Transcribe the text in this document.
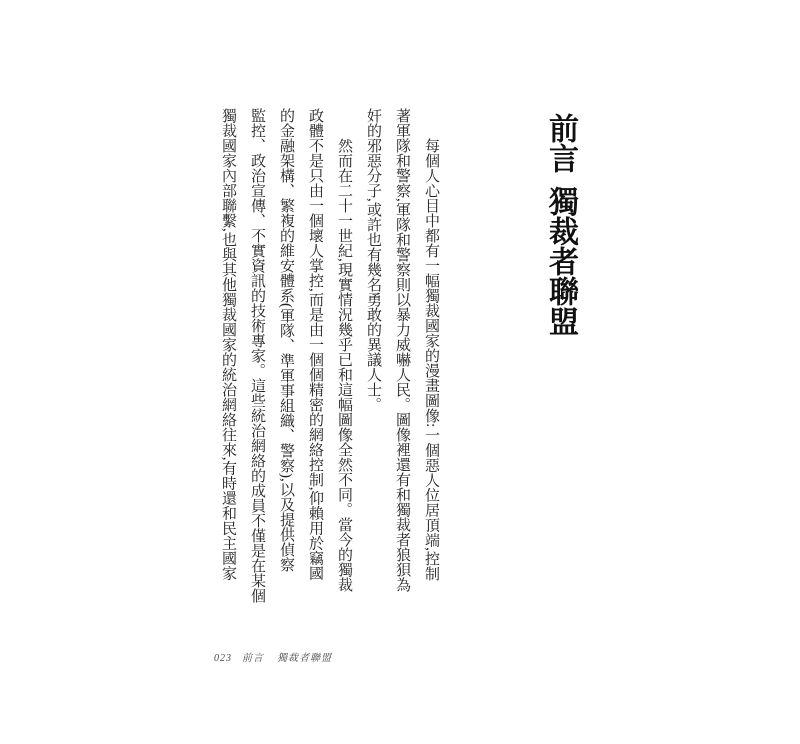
前言獨裁者聯盟
每個人心目中都有一幅獨裁國家的漫畫圖像:一個惡人位居頂端,控制
著軍隊和警察,軍隊和警察則以暴力威嚇人民。圖像裡還有和獨裁者狼狽為
奸的邪惡分子,或許也有幾名勇敢的異議人士。
然而在二十一世紀,現實情況幾乎已和這幅圖像全然不同。當今的獨裁
政體不是只由一個壞人掌控,而是由一個個精密的網絡控制,仰賴用於竊國
的金融架構、繁複的維安體系(軍隊、準軍事組織、警察),以及提供偵察
監控、政治宣傳、不實資訊的技術專家。這些統治網絡的成員不僅是在某個
獨裁國家內部聯繫,也與其他獨裁國家的統治網絡往來,有時還和民主國家
023 前言 獨裁者聯盟
